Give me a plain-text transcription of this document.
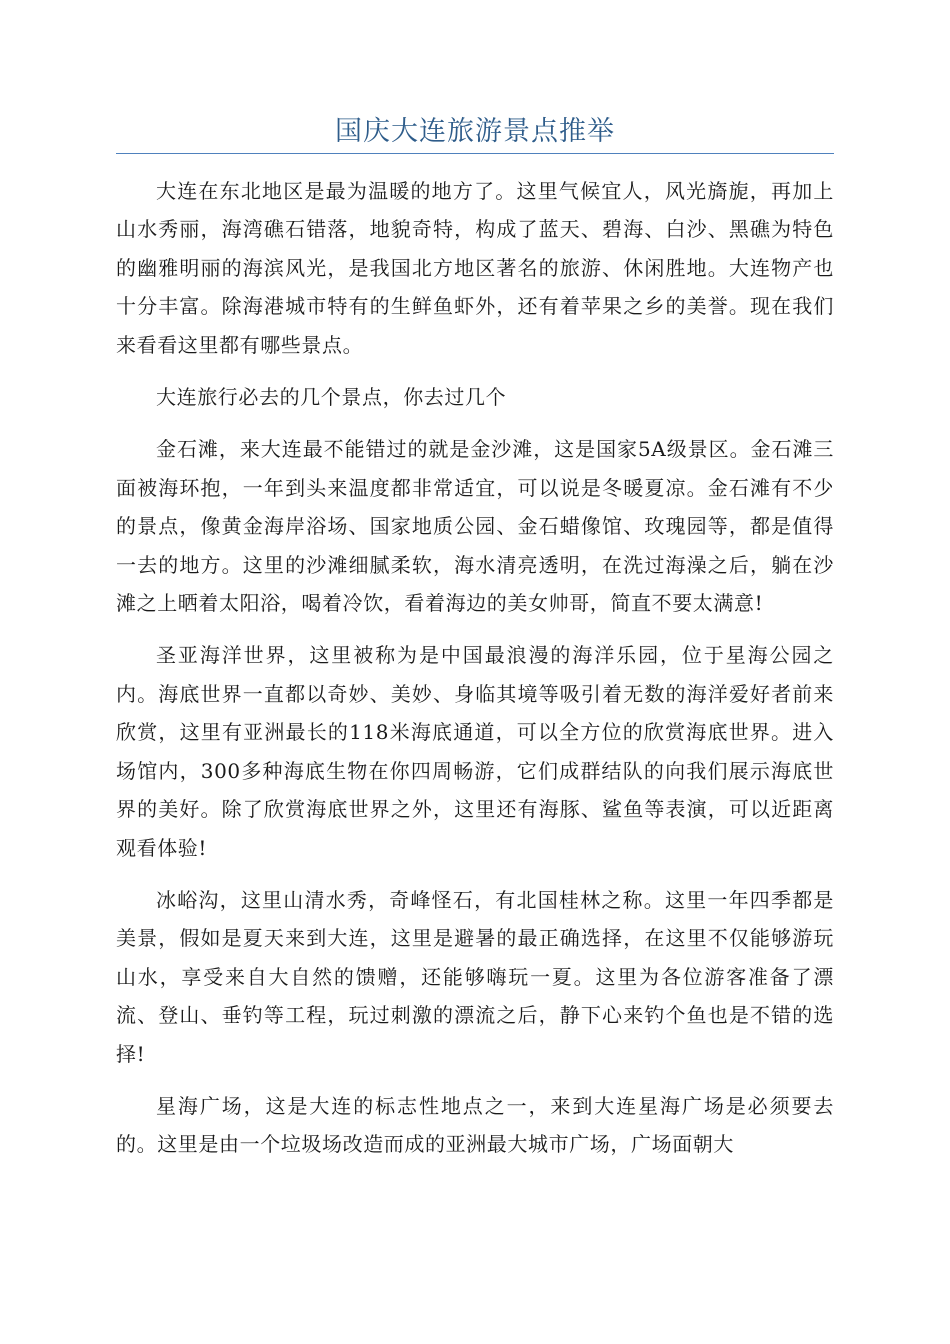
国庆大连旅游景点推举

大连在东北地区是最为温暖的地方了。这里气候宜人，风光旖旎，再加上山水秀丽，海湾礁石错落，地貌奇特，构成了蓝天、碧海、白沙、黑礁为特色的幽雅明丽的海滨风光，是我国北方地区著名的旅游、休闲胜地。大连物产也十分丰富。除海港城市特有的生鲜鱼虾外，还有着苹果之乡的美誉。现在我们来看看这里都有哪些景点。

大连旅行必去的几个景点，你去过几个

金石滩，来大连最不能错过的就是金沙滩，这是国家5A级景区。金石滩三面被海环抱，一年到头来温度都非常适宜，可以说是冬暖夏凉。金石滩有不少的景点，像黄金海岸浴场、国家地质公园、金石蜡像馆、玫瑰园等，都是值得一去的地方。这里的沙滩细腻柔软，海水清亮透明，在洗过海澡之后，躺在沙滩之上晒着太阳浴，喝着冷饮，看着海边的美女帅哥，简直不要太满意!

圣亚海洋世界，这里被称为是中国最浪漫的海洋乐园，位于星海公园之内。海底世界一直都以奇妙、美妙、身临其境等吸引着无数的海洋爱好者前来欣赏，这里有亚洲最长的118米海底通道，可以全方位的欣赏海底世界。进入场馆内，300多种海底生物在你四周畅游，它们成群结队的向我们展示海底世界的美好。除了欣赏海底世界之外，这里还有海豚、鲨鱼等表演，可以近距离观看体验!

冰峪沟，这里山清水秀，奇峰怪石，有北国桂林之称。这里一年四季都是美景，假如是夏天来到大连，这里是避暑的最正确选择，在这里不仅能够游玩山水，享受来自大自然的馈赠，还能够嗨玩一夏。这里为各位游客准备了漂流、登山、垂钓等工程，玩过刺激的漂流之后，静下心来钓个鱼也是不错的选择!

星海广场，这是大连的标志性地点之一，来到大连星海广场是必须要去的。这里是由一个垃圾场改造而成的亚洲最大城市广场，广场面朝大
